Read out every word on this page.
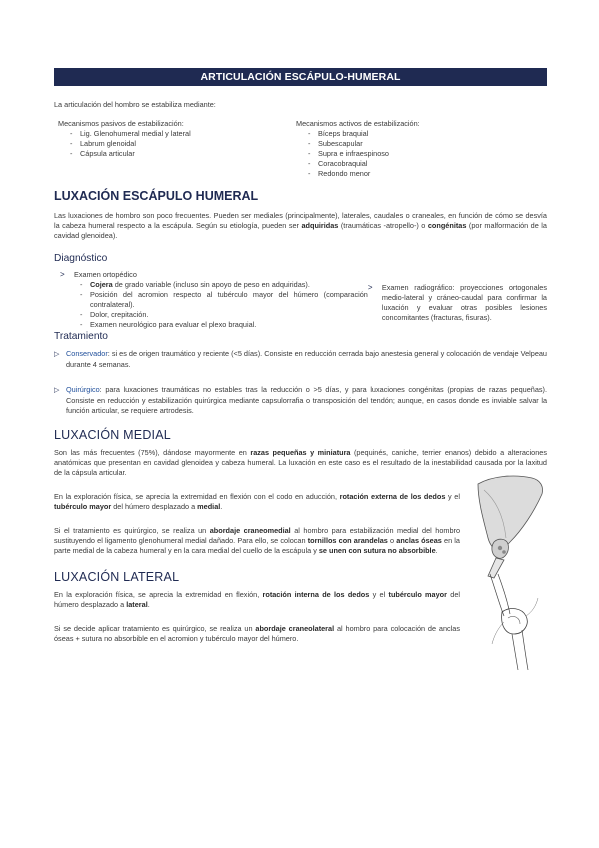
ARTICULACIÓN ESCÁPULO-HUMERAL

La articulación del hombro se estabiliza mediante:

Mecanismos pasivos de estabilización:
- Lig. Glenohumeral medial y lateral
- Labrum glenoidal
- Cápsula articular
Mecanismos activos de estabilización:
- Bíceps braquial
- Subescapular
- Supra e infraespinoso
- Coracobraquial
- Redondo menor
LUXACIÓN ESCÁPULO HUMERAL

Las luxaciones de hombro son poco frecuentes. Pueden ser mediales (principalmente), laterales, caudales o craneales, en función de cómo se desvía la cabeza humeral respecto a la escápula. Según su etiología, pueden ser adquiridas (traumáticas -atropello-) o congénitas (por malformación de la cavidad glenoidea).

Diagnóstico
> Examen ortopédico
- Cojera de grado variable (incluso sin apoyo de peso en adquiridas).
- Posición del acromion respecto al tubérculo mayor del húmero (comparación contralateral).
- Dolor, crepitación.
- Examen neurológico para evaluar el plexo braquial.
> Examen radiográfico: proyecciones ortogonales medio-lateral y cráneo-caudal para confirmar la luxación y evaluar otras posibles lesiones concomitantes (fracturas, fisuras).
Tratamiento

▷ Conservador: si es de origen traumático y reciente (<5 días). Consiste en reducción cerrada bajo anestesia general y colocación de vendaje Velpeau durante 4 semanas.

▷ Quirúrgico: para luxaciones traumáticas no estables tras la reducción o >5 días, y para luxaciones congénitas (propias de razas pequeñas). Consiste en reducción y estabilización quirúrgica mediante capsulorrafia o transposición del tendón; aunque, en casos donde es inviable salvar la función articular, se requiere artrodesis.

LUXACIÓN MEDIAL

Son las más frecuentes (75%), dándose mayormente en razas pequeñas y miniatura (pequinés, caniche, terrier enanos) debido a alteraciones anatómicas que presentan en cavidad glenoidea y cabeza humeral. La luxación en este caso es el resultado de la inestabilidad causada por la laxitud de la cápsula articular.

En la exploración física, se aprecia la extremidad en flexión con el codo en aducción, rotación externa de los dedos y el tubérculo mayor del húmero desplazado a medial.

Si el tratamiento es quirúrgico, se realiza un abordaje craneomedial al hombro para estabilización medial del hombro sustituyendo el ligamento glenohumeral medial dañado. Para ello, se colocan tornillos con arandelas o anclas óseas en la parte medial de la cabeza humeral y en la cara medial del cuello de la escápula y se unen con sutura no absorbible.

LUXACIÓN LATERAL

En la exploración física, se aprecia la extremidad en flexión, rotación interna de los dedos y el tubérculo mayor del húmero desplazado a lateral.

Si se decide aplicar tratamiento es quirúrgico, se realiza un abordaje craneolateral al hombro para colocación de anclas óseas + sutura no absorbible en el acromion y tubérculo mayor del húmero.
